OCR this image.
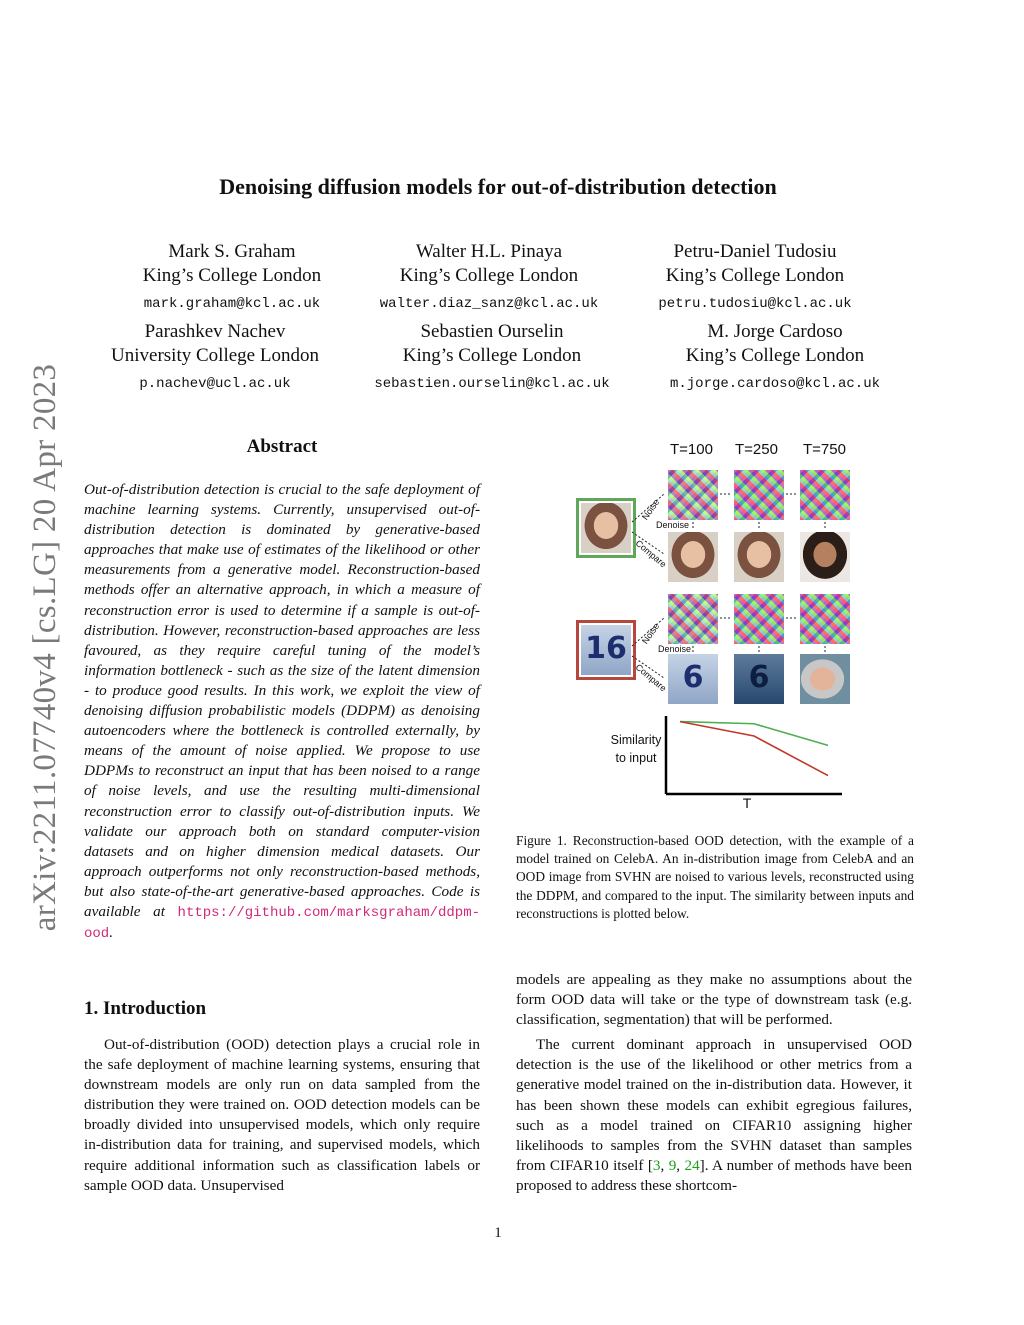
arXiv:2211.07740v4 [cs.LG] 20 Apr 2023
Denoising diffusion models for out-of-distribution detection
Mark S. Graham
King’s College London
mark.graham@kcl.ac.uk
Walter H.L. Pinaya
King’s College London
walter.diaz_sanz@kcl.ac.uk
Petru-Daniel Tudosiu
King’s College London
petru.tudosiu@kcl.ac.uk
Parashkev Nachev
University College London
p.nachev@ucl.ac.uk
Sebastien Ourselin
King’s College London
sebastien.ourselin@kcl.ac.uk
M. Jorge Cardoso
King’s College London
m.jorge.cardoso@kcl.ac.uk
Abstract
Out-of-distribution detection is crucial to the safe deployment of machine learning systems. Currently, unsupervised out-of-distribution detection is dominated by generative-based approaches that make use of estimates of the likelihood or other measurements from a generative model. Reconstruction-based methods offer an alternative approach, in which a measure of reconstruction error is used to determine if a sample is out-of-distribution. However, reconstruction-based approaches are less favoured, as they require careful tuning of the model’s information bottleneck - such as the size of the latent dimension - to produce good results. In this work, we exploit the view of denoising diffusion probabilistic models (DDPM) as denoising autoencoders where the bottleneck is controlled externally, by means of the amount of noise applied. We propose to use DDPMs to reconstruct an input that has been noised to a range of noise levels, and use the resulting multi-dimensional reconstruction error to classify out-of-distribution inputs. We validate our approach both on standard computer-vision datasets and on higher dimension medical datasets. Our approach outperforms not only reconstruction-based methods, but also state-of-the-art generative-based approaches. Code is available at https://github.com/marksgraham/ddpm-ood.
T=100 T=250 T=750
Noise
Denoise
Compare
16
6	6
Noise
Denoise
Compare
Similarity
to input
T
Figure 1. Reconstruction-based OOD detection, with the example of a model trained on CelebA. An in-distribution image from CelebA and an OOD image from SVHN are noised to various levels, reconstructed using the DDPM, and compared to the input. The similarity between inputs and reconstructions is plotted below.
1. Introduction

Out-of-distribution (OOD) detection plays a crucial role in the safe deployment of machine learning systems, ensuring that downstream models are only run on data sampled from the distribution they were trained on. OOD detection models can be broadly divided into unsupervised models, which only require in-distribution data for training, and supervised models, which require additional information such as classification labels or sample OOD data. Unsupervised

models are appealing as they make no assumptions about the form OOD data will take or the type of downstream task (e.g. classification, segmentation) that will be performed.

The current dominant approach in unsupervised OOD detection is the use of the likelihood or other metrics from a generative model trained on the in-distribution data. However, it has been shown these models can exhibit egregious failures, such as a model trained on CIFAR10 assigning higher likelihoods to samples from the SVHN dataset than samples from CIFAR10 itself [3, 9, 24]. A number of methods have been proposed to address these shortcom-

1
